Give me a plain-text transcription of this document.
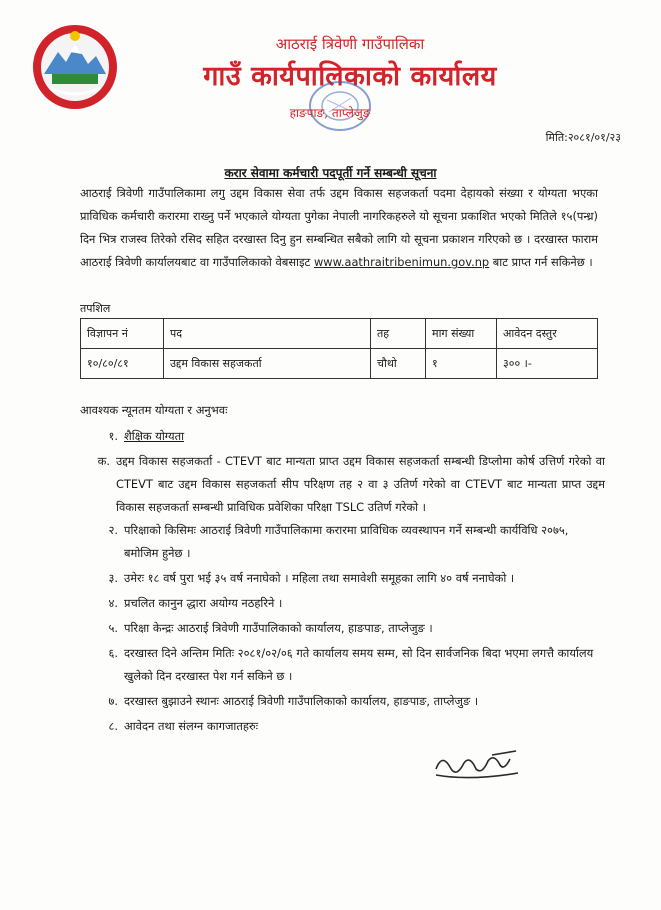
आठराई त्रिवेणी गाउँपालिका
गाउँ कार्यपालिकाको कार्यालय
हाङपाङ, ताप्लेजुङ
मिति:२०८१/०१/२३
करार सेवामा कर्मचारी पदपूर्ती गर्ने सम्बन्धी सूचना
आठराई त्रिवेणी गाउँपालिकामा लगु उद्दम विकास सेवा तर्फ उद्दम विकास सहजकर्ता पदमा देहायको संख्या र योग्यता भएका प्राविधिक कर्मचारी करारमा राख्नु पर्ने भएकाले योग्यता पुगेका नेपाली नागरिकहरुले यो सूचना प्रकाशित भएको मितिले १५(पन्ध्र) दिन भित्र राजस्व तिरेको रसिद सहित दरखास्त दिनु हुन सम्बन्धित सबैको लागि यो सूचना प्रकाशन गरिएको छ । दरखास्त फाराम आठराई त्रिवेणी कार्यालयबाट वा गाउँपालिकाको वेबसाइट www.aathraitribenimun.gov.np बाट प्राप्त गर्न सकिनेछ ।
तपशिल
विज्ञापन नं	पद	तह	माग संख्या	आवेदन दस्तुर
१०/८०/८१	उद्दम विकास सहजकर्ता	चौथो	१	३०० ।-
आवश्यक न्यूनतम योग्यता र अनुभवः
१. शैक्षिक योग्यता
क. उद्दम विकास सहजकर्ता - CTEVT बाट मान्यता प्राप्त उद्दम विकास सहजकर्ता सम्बन्धी डिप्लोमा कोर्ष उत्तिर्ण गरेको वा CTEVT बाट उद्दम विकास सहजकर्ता सीप परिक्षण तह २ वा ३ उतिर्ण गरेको वा CTEVT बाट मान्यता प्राप्त उद्दम विकास सहजकर्ता सम्बन्धी प्राविधिक प्रवेशिका परिक्षा TSLC उतिर्ण गरेको ।
२. परिक्षाको किसिमः आठराई त्रिवेणी गाउँपालिकामा करारमा प्राविधिक व्यवस्थापन गर्ने सम्बन्धी कार्यविधि २०७५, बमोजिम हुनेछ ।
३. उमेरः १८ वर्ष पुरा भई ३५ वर्ष ननाघेको । महिला तथा समावेशी समूहका लागि ४० वर्ष ननाघेको ।
४. प्रचलित कानुन द्धारा अयोग्य नठहरिने ।
५. परिक्षा केन्द्रः आठराई त्रिवेणी गाउँपालिकाको कार्यालय, हाङपाङ, ताप्लेजुङ ।
६. दरखास्त दिने अन्तिम मितिः २०८१/०२/०६ गते कार्यालय समय सम्म, सो दिन सार्वजनिक बिदा भएमा लगत्तै कार्यालय खुलेको दिन दरखास्त पेश गर्न सकिने छ ।
७. दरखास्त बुझाउने स्थानः आठराई त्रिवेणी गाउँपालिकाको कार्यालय, हाङपाङ, ताप्लेजुङ ।
८. आवेदन तथा संलग्न कागजातहरुः
